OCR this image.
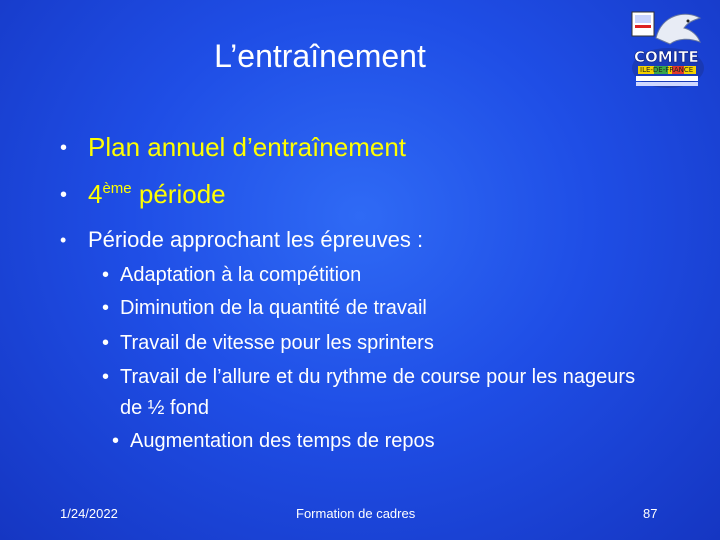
L’entraînement	COMITE
ILE-DE-FRANCE
• Plan annuel d’entraînement
• 4ème période
• Période approchant les épreuves :
• Adaptation à la compétition
• Diminution de la quantité de travail
• Travail de vitesse pour les sprinters
• Travail de l’allure et du rythme de course pour les nageurs de ½ fond
• Augmentation des temps de repos
1/24/2022	Formation de cadres	87
